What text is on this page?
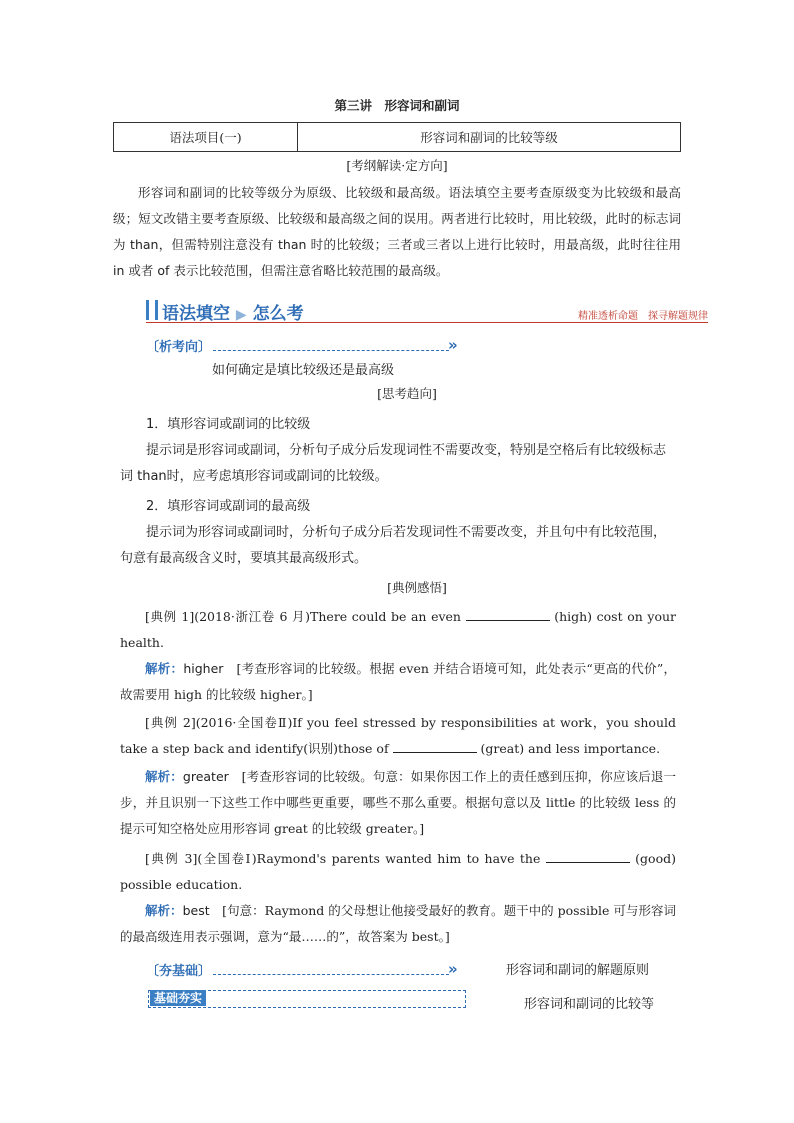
第三讲　形容词和副词
语法项目(一)	形容词和副词的比较等级
[考纲解读·定方向]
形容词和副词的比较等级分为原级、比较级和最高级。语法填空主要考查原级变为比较级和最高级；短文改错主要考查原级、比较级和最高级之间的误用。两者进行比较时，用比较级，此时的标志词为 than，但需特别注意没有 than 时的比较级；三者或三者以上进行比较时，用最高级，此时往往用 in 或者 of 表示比较范围，但需注意省略比较范围的最高级。
语法填空 ▶ 怎么考	精准透析命题　探寻解题规律
〔析考向〕	»
如何确定是填比较级还是最高级
[思考趋向]
1．填形容词或副词的比较级
提示词是形容词或副词，分析句子成分后发现词性不需要改变，特别是空格后有比较级标志词 than时，应考虑填形容词或副词的比较级。
2．填形容词或副词的最高级
提示词为形容词或副词时，分析句子成分后若发现词性不需要改变，并且句中有比较范围，句意有最高级含义时，要填其最高级形式。
[典例感悟]
[典例 1](2018·浙江卷 6 月)There could be an even	(high) cost on your health.
解析：higher　[考查形容词的比较级。根据 even 并结合语境可知，此处表示“更高的代价”，故需要用 high 的比较级 higher。]
[典例 2](2016·全国卷Ⅱ)If you feel stressed by responsibilities at work，you should take a step back and identify(识别)those of	(great) and less importance.
解析：greater　[考查形容词的比较级。句意：如果你因工作上的责任感到压抑，你应该后退一步，并且识别一下这些工作中哪些更重要，哪些不那么重要。根据句意以及 little 的比较级 less 的提示可知空格处应用形容词 great 的比较级 greater。]
[典例 3](全国卷Ⅰ)Raymond's parents wanted him to have the	(good) possible education.
解析：best　[句意：Raymond 的父母想让他接受最好的教育。题干中的 possible 可与形容词的最高级连用表示强调，意为“最……的”，故答案为 best。]
〔夯基础〕	»	形容词和副词的解题原则
基础夯实	形容词和副词的比较等
